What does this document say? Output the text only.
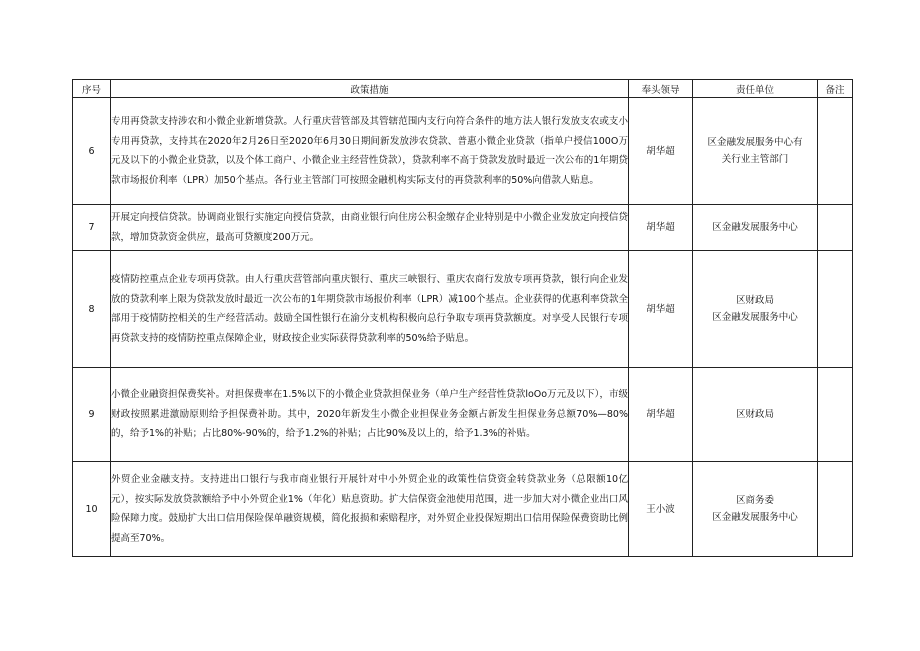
序号	政策措施	奉头领导	责任单位	备注
6	专用再贷款支持涉农和小微企业新增贷款。人行重庆营管部及其管辖范围内支行向符合条件的地方法人银行发放支农或支小专用再贷款，支持其在2020年2月26日至2020年6月30日期间新发放涉农贷款、普惠小微企业贷款（指单户授信100O万元及以下的小微企业贷款，以及个体工商户、小微企业主经营性贷款），贷款利率不高于贷款发放时最近一次公布的1年期贷款市场报价利率（LPR）加50个基点。各行业主管部门可按照金融机构实际支付的再贷款利率的50%向借款人贴息。	胡华超	区金融发展服务中心有
关行业主管部门	

7	开展定向授信贷款。协调商业银行实施定向授信贷款，由商业银行向住房公积金缴存企业特别是中小微企业发放定向授信贷款，增加贷款资金供应，最高可贷额度200万元。	胡华超	区金融发展服务中心	

8	疫情防控重点企业专项再贷款。由人行重庆营管部向重庆银行、重庆三峡银行、重庆农商行发放专项再贷款，银行向企业发放的贷款利率上限为贷款发放时最近一次公布的1年期贷款市场报价利率（LPR）减100个基点。企业获得的优惠利率贷款全部用于疫情防控相关的生产经营活动。鼓励全国性银行在渝分支机构积极向总行争取专项再贷款额度。对享受人民银行专项再贷款支持的疫情防控重点保障企业，财政按企业实际获得贷款利率的50%给予贴息。	胡华超	区财政局
区金融发展服务中心	

9	小微企业融资担保费奖补。对担保费率在1.5%以下的小微企业贷款担保业务（单户生产经营性贷款loOo万元及以下），市级财政按照累进激励原则给予担保费补助。其中，2020年新发生小微企业担保业务金额占新发生担保业务总额70%—80%的，给予1%的补贴；占比80%-90%的，给予1.2%的补贴；占比90%及以上的，给予1.3%的补贴。	胡华超	区财政局	

10	外贸企业金融支持。支持进出口银行与我市商业银行开展针对中小外贸企业的政策性信贷资金转贷款业务（总限额10亿元），按实际发放贷款额给予中小外贸企业1%（年化）贴息资助。扩大信保资金池使用范围，进一步加大对小微企业出口风险保障力度。鼓励扩大出口信用保险保单融资规模，简化报损和索赔程序，对外贸企业投保短期出口信用保险保费资助比例提高至70%。	王小波	区商务委
区金融发展服务中心	
